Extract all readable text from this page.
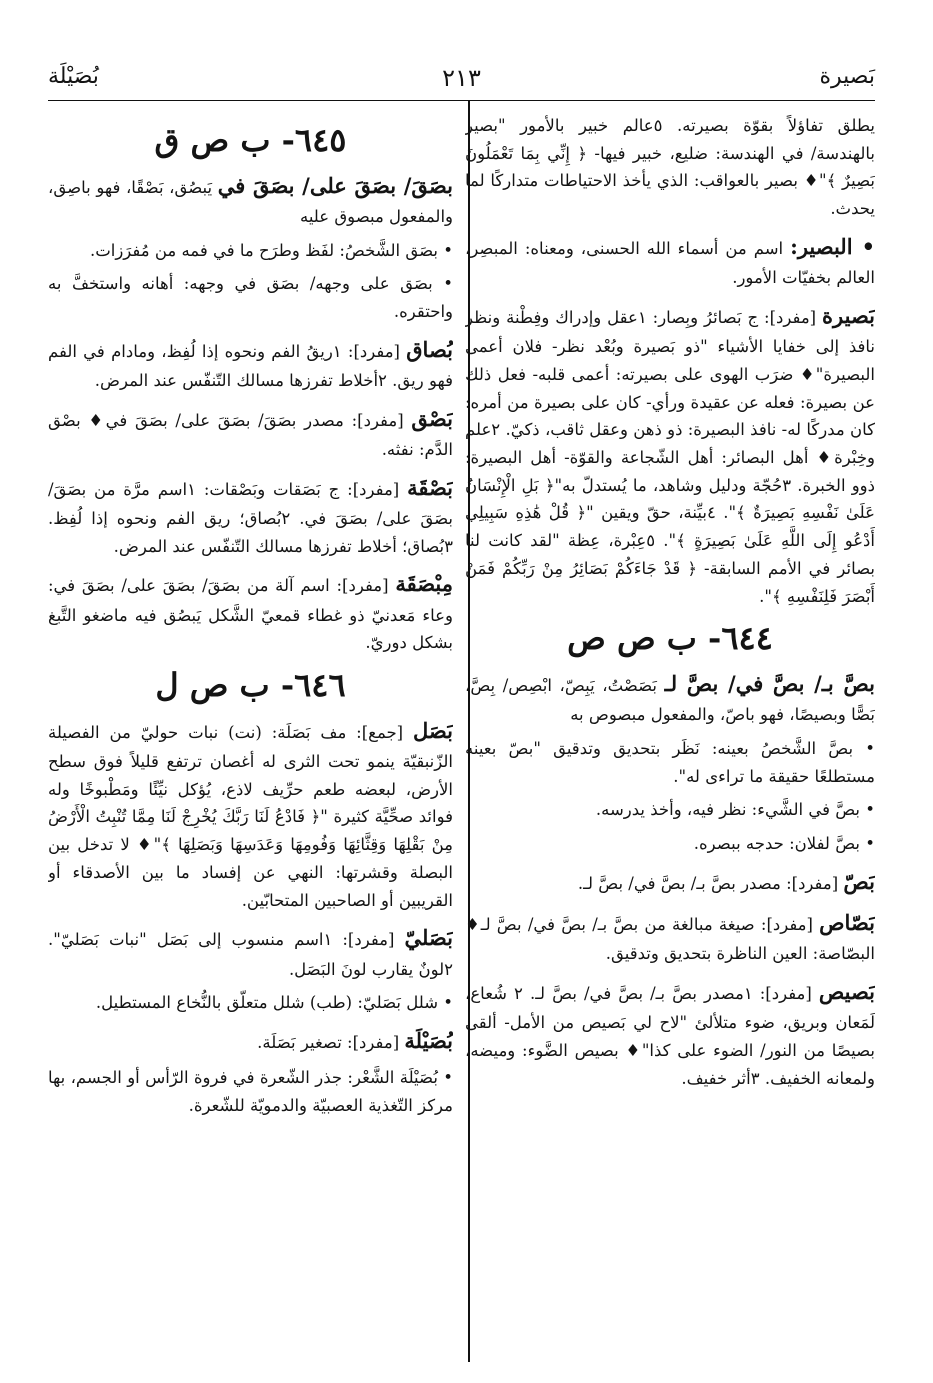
بَصيرة
٢١٣
بُصَيْلَة

يطلق تفاؤلاً بقوّة بصيرته. ٥عالم خبير بالأمور "بصير بالهندسة/ في الهندسة: ضليع، خبير فيها- ﴿ إِنِّي بِمَا تَعْمَلُونَ بَصِيرٌ ﴾"♦ بصير بالعواقب: الذي يأخذ الاحتياطات متداركًا لما يحدث.

• البصير: اسم من أسماء الله الحسنى، ومعناه: المبصِر، العالم بخفيّات الأمور.

بَصيرة [مفرد]: ج بَصائرُ وبِصار: ١عقل وإدراك وفِطْنة ونظر نافذ إلى خفايا الأشياء "ذو بَصيرة وبُعْد نظر- فلان أعمى البصيرة"♦ ضرَب الهوى على بصيرته: أعمى قلبه- فعل ذلك عن بصيرة: فعله عن عقيدة ورأي- كان على بصيرة من أمره: كان مدركًا له- نافذ البصيرة: ذو ذهن وعقل ثاقب، ذكيّ. ٢علم وخِبْرة♦ أهل البصائر: أهل الشّجاعة والقوّة- أهل البصيرة: ذوو الخبرة. ٣حُجّة ودليل وشاهد، ما يُستدلّ به"﴿ بَلِ الْإِنْسَانُ عَلَىٰ نَفْسِهِ بَصِيرَةٌ ﴾". ٤بيِّنة، حقّ ويقين "﴿ قُلْ هَٰذِهِ سَبِيلِي أَدْعُو إِلَى اللَّهِ عَلَىٰ بَصِيرَةٍ ﴾". ٥عِبْرة، عِظة "لقد كانت لنا بصائر في الأمم السابقة- ﴿ قَدْ جَاءَكُمْ بَصَائِرُ مِنْ رَبِّكُمْ فَمَنْ أَبْصَرَ فَلِنَفْسِهِ ﴾".

٦٤٤- ب ص ص

بصَّ بـ/ بصَّ في/ بصَّ لـ بَصَصْتُ، يَبِصّ، ابْصِص/ بِصَّ، بَصًّا وبصيصًا، فهو باصّ، والمفعول مبصوص به

• بصَّ الشَّخصُ بعينه: نَظَر بتحديق وتدقيق "بصّ بعينه مستطلعًا حقيقة ما تراءى له".

• بصَّ في الشَّيء: نظر فيه، وأخذ يدرسه.

• بصَّ لفلان: حدجه ببصره.

بَصّ [مفرد]: مصدر بصَّ بـ/ بصَّ في/ بصَّ لـ.

بَصّاص [مفرد]: صيغة مبالغة من بصَّ بـ/ بصَّ في/ بصَّ لـ♦ البصّاصة: العين الناظرة بتحديق وتدقيق.

بَصيص [مفرد]: ١مصدر بصَّ بـ/ بصَّ في/ بصَّ لـ. ٢ شُعاع، لَمَعان وبريق، ضوء متلألئ "لاح لي بَصيص من الأمل- ألقى بصيصًا من النور/ الضوء على كذا"♦ بصيص الضَّوء: وميضه، ولمعانه الخفيف. ٣أثر خفيف.

٦٤٥- ب ص ق

بصَقَ/ بصَقَ على/ بصَقَ في يَبصُق، بَصْقًا، فهو باصِق، والمفعول مبصوق عليه

• بصَق الشَّخصُ: لفَظ وطرَح ما في فمه من مُفرَزات.

• بصَق على وجهه/ بصَق في وجهه: أهانه واستخفَّ به واحتقره.

بُصاق [مفرد]: ١ريقُ الفم ونحوه إذا لُفِظ، ومادام في الفم فهو ريق. ٢أخلاط تفرزها مسالك التّنفّس عند المرض.

بَصْق [مفرد]: مصدر بصَقَ/ بصَقَ على/ بصَقَ في♦ بصْق الدَّم: نفثه.

بَصْقَة [مفرد]: ج بَصَقات وبَصْقات: ١اسم مرَّة من بصَقَ/ بصَقَ على/ بصَقَ في. ٢بُصاق؛ ريق الفم ونحوه إذا لُفِظ. ٣بُصاق؛ أخلاط تفرزها مسالك التّنفّس عند المرض.

مِبْصَقَة [مفرد]: اسم آلة من بصَقَ/ بصَقَ على/ بصَقَ في: وعاء مَعدنيّ ذو غطاء قمعيّ الشَّكل يَبصُق فيه ماضغو التَّبغ بشكل دوريّ.

٦٤٦- ب ص ل

بَصَل [جمع]: مف بَصَلَة: (نت) نبات حوليّ من الفصيلة الزّنبقيّة ينمو تحت الثرى له أغصان ترتفع قليلاً فوق سطح الأرض، لبعضه طعم حرِّيف لاذع، يُؤكل نيِّئًا ومَطْبوخًا وله فوائد صحِّيَّة كثيرة "﴿ فَادْعُ لَنَا رَبَّكَ يُخْرِجْ لَنَا مِمَّا تُنْبِتُ الْأَرْضُ مِنْ بَقْلِهَا وَقِثَّائِهَا وَفُومِهَا وَعَدَسِهَا وَبَصَلِهَا ﴾"♦ لا تدخل بين البصلة وقشرتها: النهي عن إفساد ما بين الأصدقاء أو القريبين أو الصاحبين المتحابّين.

بَصَليّ [مفرد]: ١اسم منسوب إلى بَصَل "نبات بَصَليّ". ٢لونٌ يقارب لونَ البَصَل.

• شلل بَصَليّ: (طب) شلل متعلّق بالنُّخاع المستطيل.

بُصَيْلَة [مفرد]: تصغير بَصَلَة.

• بُصَيْلَة الشَّعْر: جذر الشّعرة في فروة الرّأس أو الجسم، بها مركز التّغذية العصبيّة والدمويّة للشّعرة.
